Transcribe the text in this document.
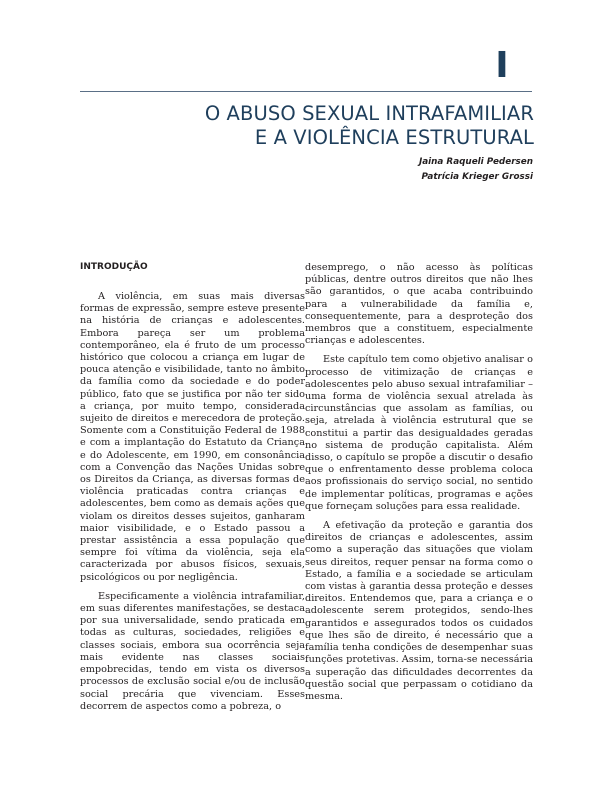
I
O ABUSO SEXUAL INTRAFAMILIAR
E A VIOLÊNCIA ESTRUTURAL
Jaina Raqueli Pedersen
Patrícia Krieger Grossi
INTRODUÇÃO

A violência, em suas mais diversas formas de expressão, sempre esteve presente na história de crianças e adolescentes. Embora pareça ser um problema contemporâneo, ela é fruto de um processo histórico que colocou a criança em lugar de pouca atenção e visibilidade, tanto no âmbito da família como da sociedade e do poder público, fato que se justifica por não ter sido a criança, por muito tempo, considerada sujeito de direitos e merecedora de proteção. Somente com a Constituição Federal de 1988 e com a implantação do Estatuto da Criança e do Adolescente, em 1990, em consonância com a Convenção das Nações Unidas sobre os Direitos da Criança, as diversas formas de violência praticadas contra crianças e adolescentes, bem como as demais ações que violam os direitos desses sujeitos, ganharam maior visibilidade, e o Estado passou a prestar assistência a essa população que sempre foi vítima da violência, seja ela caracterizada por abusos físicos, sexuais, psicológicos ou por negligência.

Especificamente a violência intrafamiliar, em suas diferentes manifestações, se destaca por sua universalidade, sendo praticada em todas as culturas, sociedades, religiões e classes sociais, embora sua ocorrência seja mais evidente nas classes sociais empobrecidas, tendo em vista os diversos processos de exclusão social e/ou de inclusão social precária que vivenciam. Esses decorrem de aspectos como a pobreza, o

desemprego, o não acesso às políticas públicas, dentre outros direitos que não lhes são garantidos, o que acaba contribuindo para a vulnerabilidade da família e, consequentemente, para a desproteção dos membros que a constituem, especialmente crianças e adolescentes.

Este capítulo tem como objetivo analisar o processo de vitimização de crianças e adolescentes pelo abuso sexual intrafamiliar – uma forma de violência sexual atrelada às circunstâncias que assolam as famílias, ou seja, atrelada à violência estrutural que se constitui a partir das desigualdades geradas no sistema de produção capitalista. Além disso, o capítulo se propõe a discutir o desafio que o enfrentamento desse problema coloca aos profissionais do serviço social, no sentido de implementar políticas, programas e ações que forneçam soluções para essa realidade.

A efetivação da proteção e garantia dos direitos de crianças e adolescentes, assim como a superação das situações que violam seus direitos, requer pensar na forma como o Estado, a família e a sociedade se articulam com vistas à garantia dessa proteção e desses direitos. Entendemos que, para a criança e o adolescente serem protegidos, sendo-lhes garantidos e assegurados todos os cuidados que lhes são de direito, é necessário que a família tenha condições de desempenhar suas funções protetivas. Assim, torna-se necessária a superação das dificuldades decorrentes da questão social que perpassam o cotidiano da mesma.
